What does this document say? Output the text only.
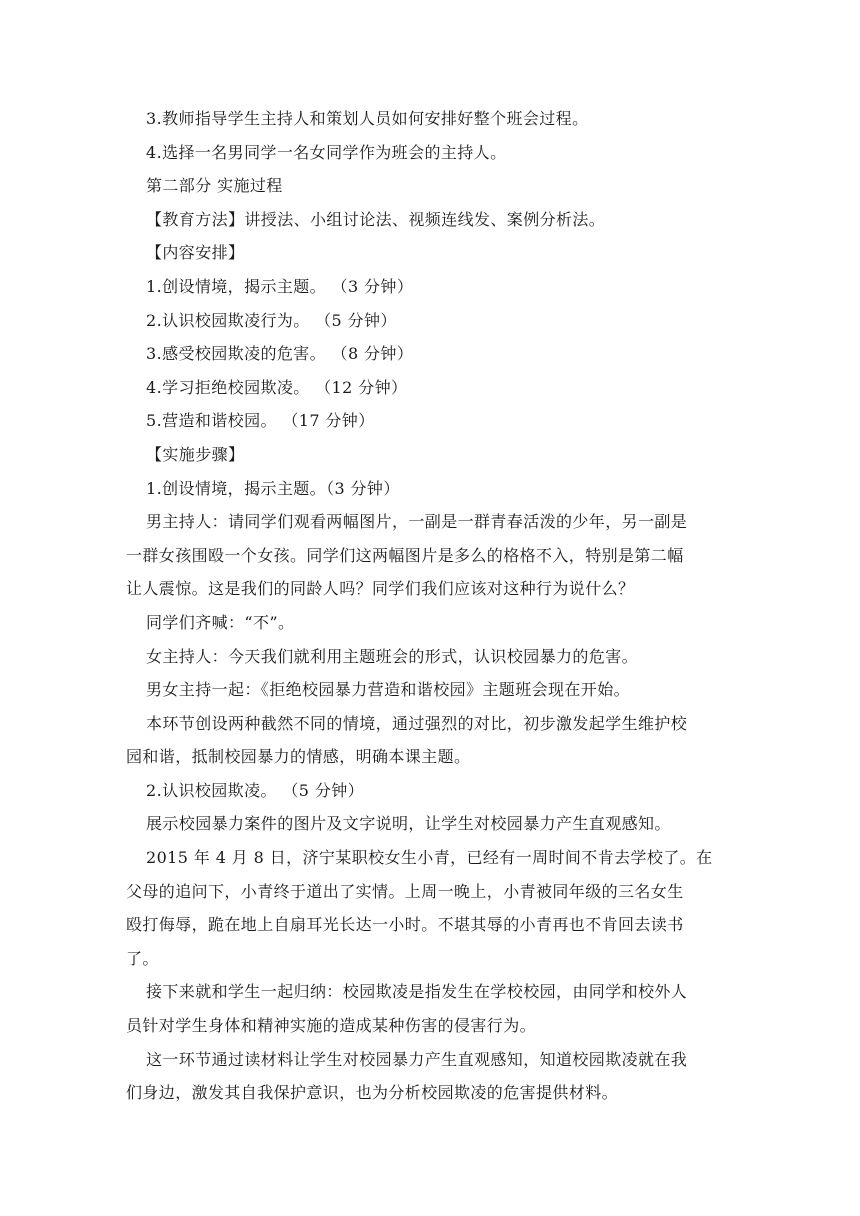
3.教师指导学生主持人和策划人员如何安排好整个班会过程。
4.选择一名男同学一名女同学作为班会的主持人。
第二部分 实施过程
【教育方法】讲授法、小组讨论法、视频连线发、案例分析法。
【内容安排】
1.创设情境，揭示主题。 （3 分钟）
2.认识校园欺凌行为。 （5 分钟）
3.感受校园欺凌的危害。 （8 分钟）
4.学习拒绝校园欺凌。 （12 分钟）
5.营造和谐校园。 （17 分钟）
【实施步骤】
1.创设情境，揭示主题。（3 分钟）
男主持人：请同学们观看两幅图片，一副是一群青春活泼的少年，另一副是
一群女孩围殴一个女孩。同学们这两幅图片是多么的格格不入，特别是第二幅
让人震惊。这是我们的同龄人吗？同学们我们应该对这种行为说什么？
同学们齐喊：“不”。
女主持人：今天我们就利用主题班会的形式，认识校园暴力的危害。
男女主持一起：《拒绝校园暴力营造和谐校园》主题班会现在开始。
本环节创设两种截然不同的情境，通过强烈的对比，初步激发起学生维护校
园和谐，抵制校园暴力的情感，明确本课主题。
2.认识校园欺凌。 （5 分钟）
展示校园暴力案件的图片及文字说明，让学生对校园暴力产生直观感知。
2015 年 4 月 8 日，济宁某职校女生小青，已经有一周时间不肯去学校了。在
父母的追问下，小青终于道出了实情。上周一晚上，小青被同年级的三名女生
殴打侮辱，跪在地上自扇耳光长达一小时。不堪其辱的小青再也不肯回去读书
了。
接下来就和学生一起归纳：校园欺凌是指发生在学校校园，由同学和校外人
员针对学生身体和精神实施的造成某种伤害的侵害行为。
这一环节通过读材料让学生对校园暴力产生直观感知，知道校园欺凌就在我
们身边，激发其自我保护意识，也为分析校园欺凌的危害提供材料。
